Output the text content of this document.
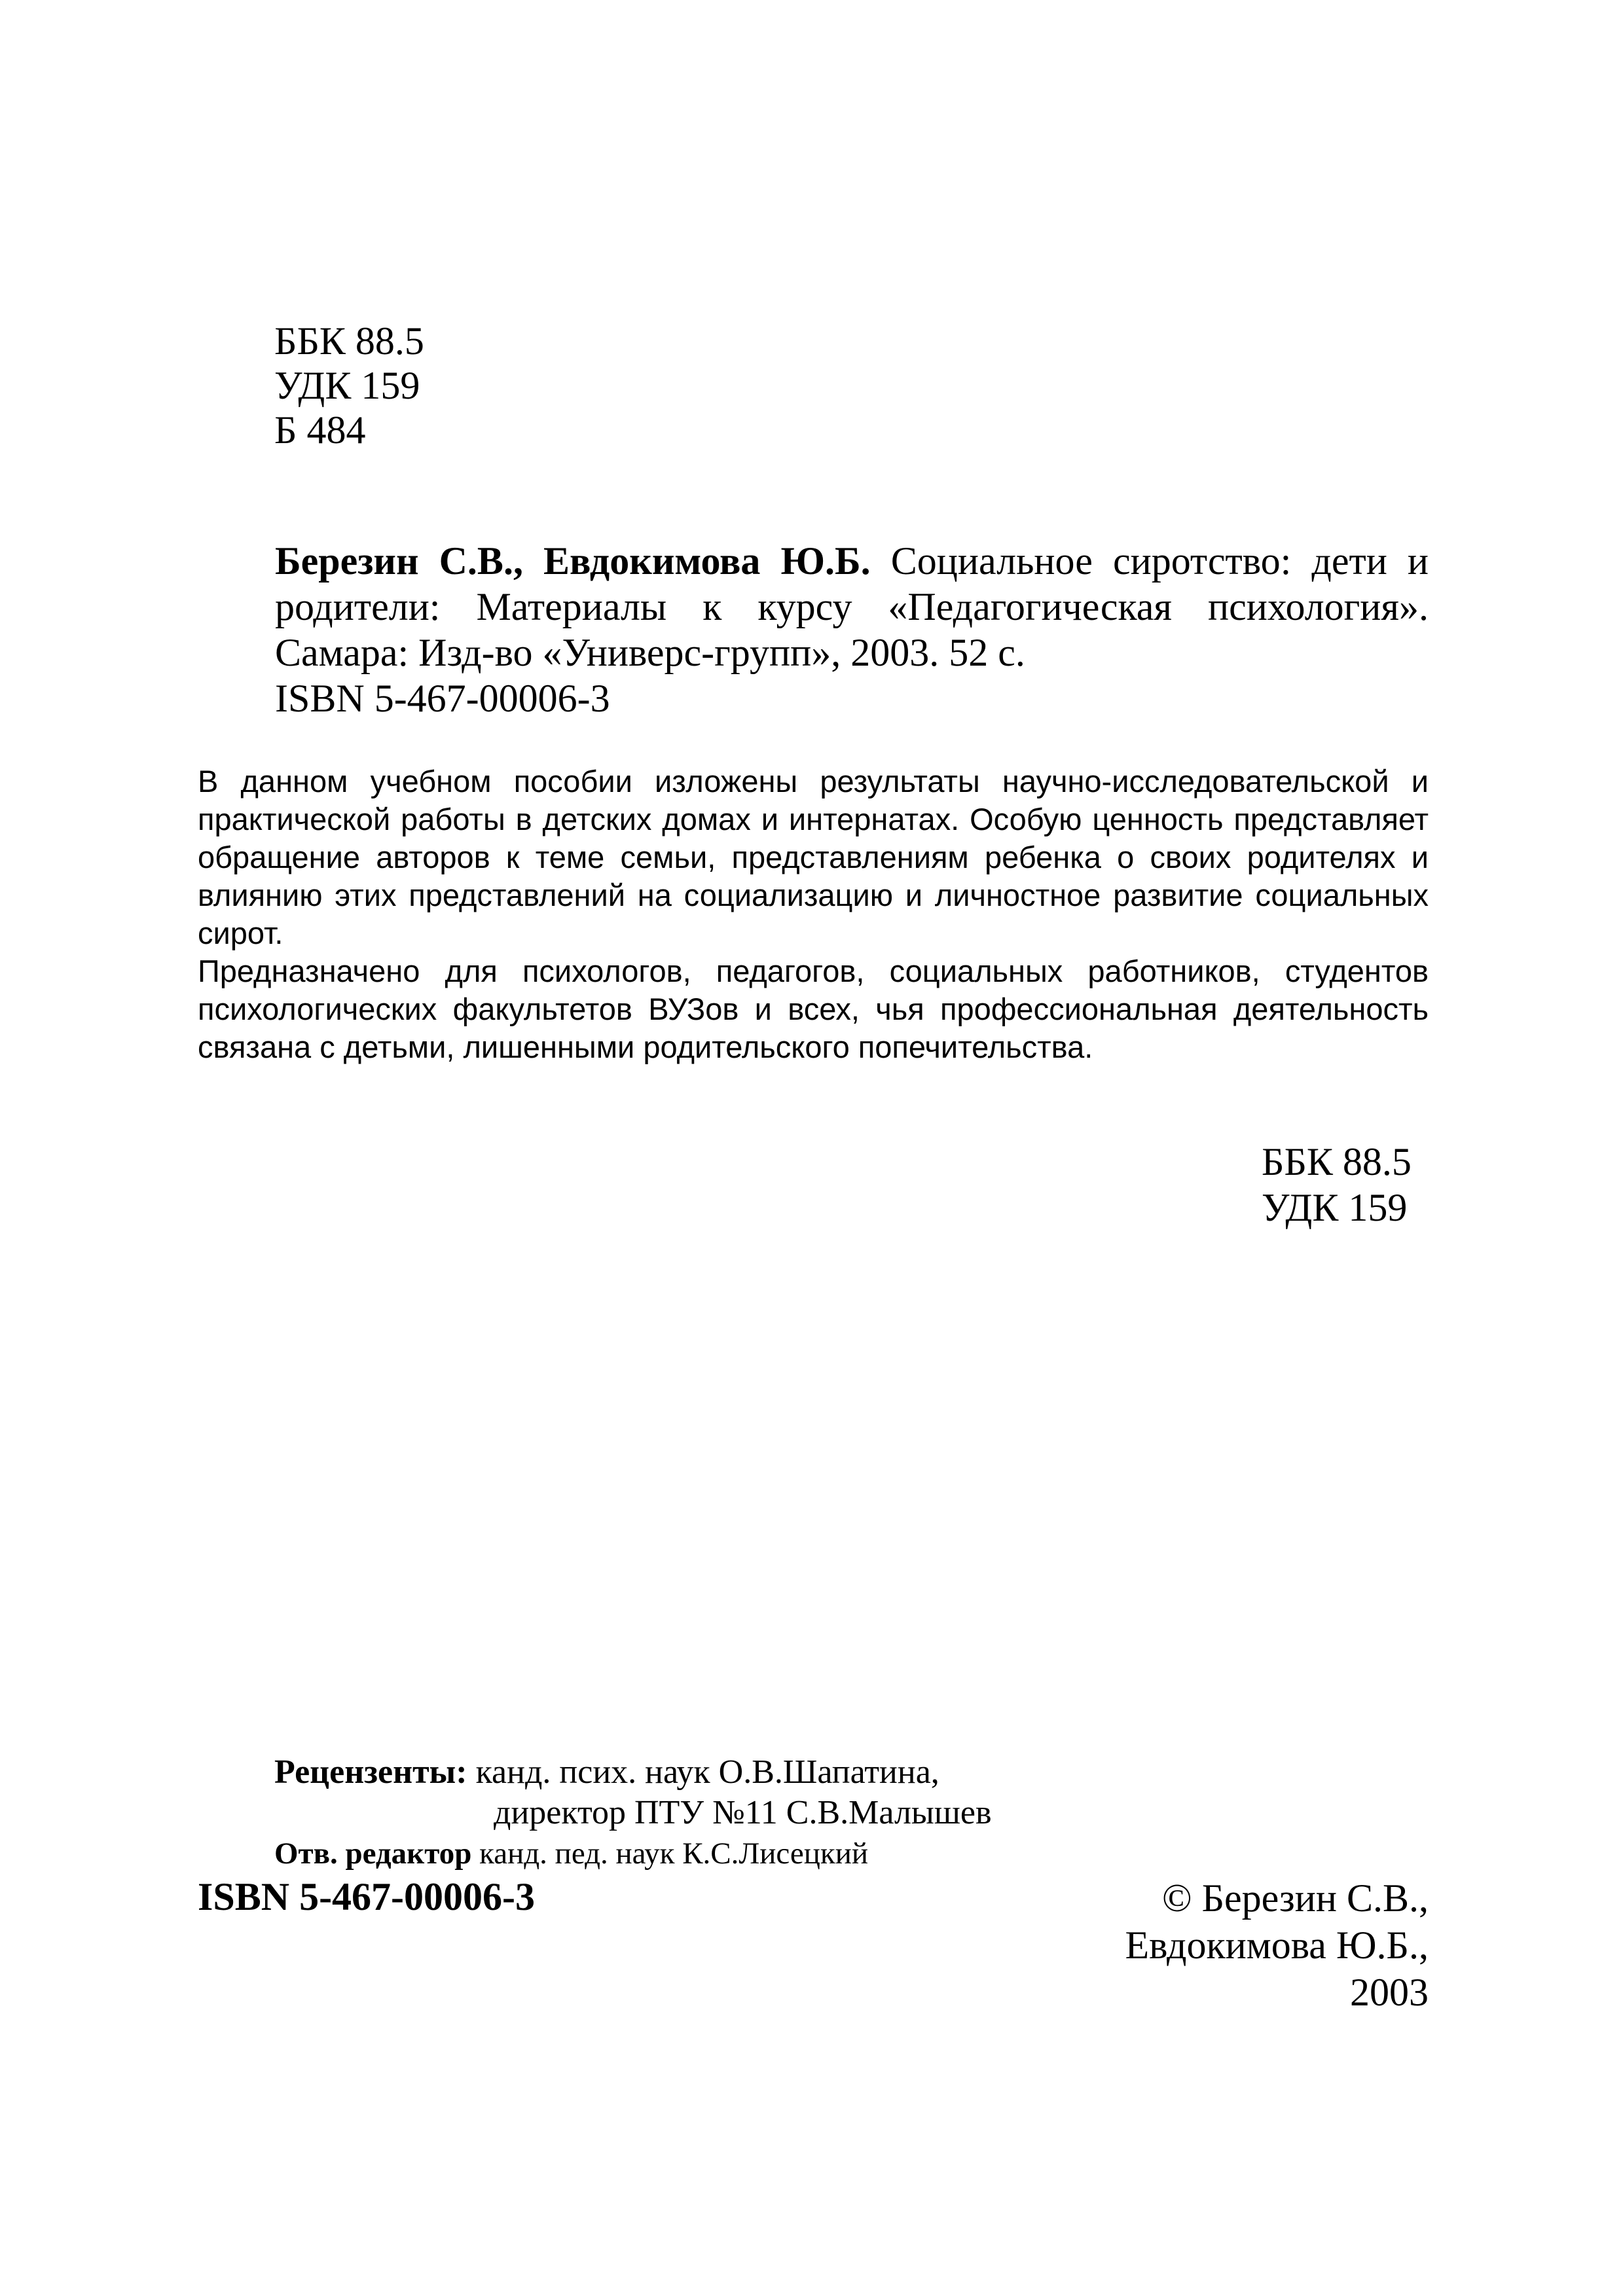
ББК 88.5
УДК 159
Б 484
Березин С.В., Евдокимова Ю.Б. Социальное сиротство: дети и родители: Материалы к курсу «Педагогическая психология». Самара: Изд-во «Универс-групп», 2003. 52 с.
ISBN 5-467-00006-3

В данном учебном пособии изложены результаты научно-исследовательской и практической работы в детских домах и интернатах. Особую ценность представляет обращение авторов к теме семьи, представлениям ребенка о своих родителях и влиянию этих представлений на социализацию и личностное развитие социальных сирот.

Предназначено для психологов, педагогов, социальных работников, студентов психологических факультетов ВУЗов и всех, чья профессиональная деятельность связана с детьми, лишенными родительского попечительства.

ББК 88.5
УДК 159
Рецензенты: канд. псих. наук О.В.Шапатина,
директор ПТУ №11 С.В.Малышев
Отв. редактор канд. пед. наук К.С.Лисецкий
ISBN 5-467-00006-3	© Березин С.В.,
Евдокимова Ю.Б.,
2003
